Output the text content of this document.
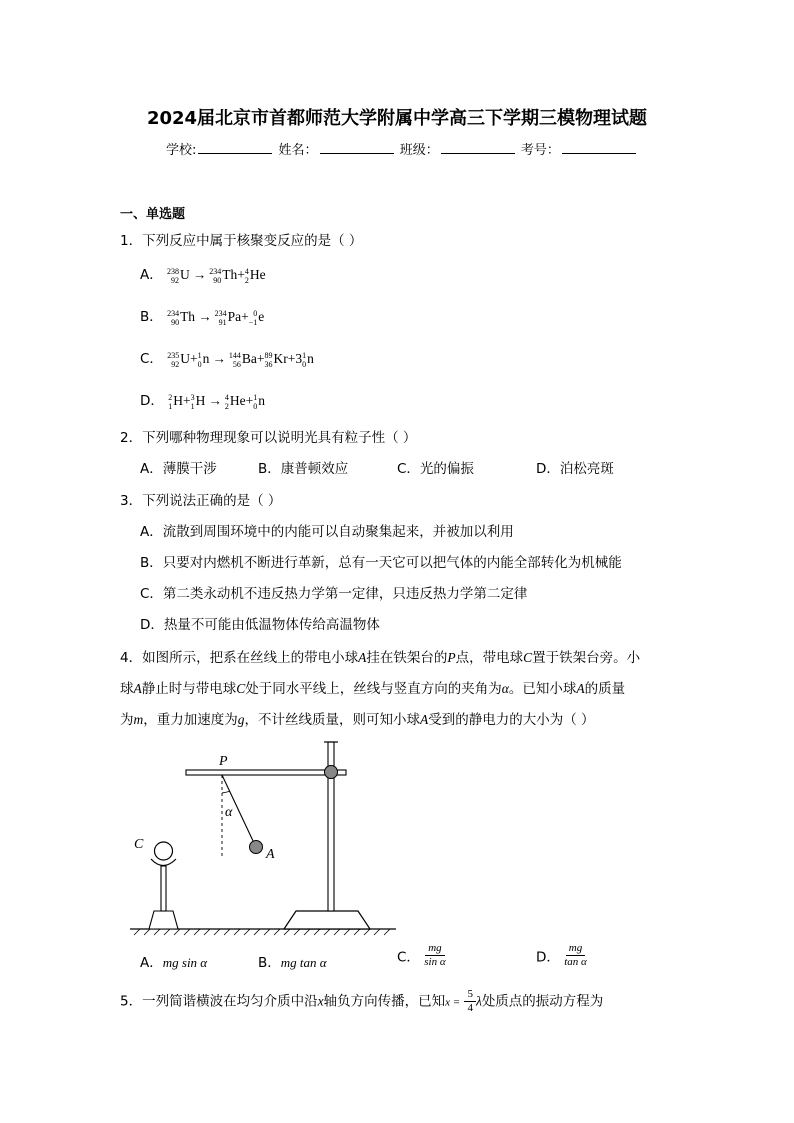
2024届北京市首都师范大学附属中学高三下学期三模物理试题
学校:	姓名：	班级：	考号：
一、单选题
1．下列反应中属于核聚变反应的是（ ）
A． 238
92 U → 234
90 Th+ 4
2 He
B． 234
90 Th → 234
91 Pa+ 0
−1 e
C． 235
92 U+ 1
0 n → 144
56 Ba+ 89
36 Kr+3 1
0 n
D． 2
1 H+ 3
1 H → 4
2 He+ 1
0 n
2．下列哪种物理现象可以说明光具有粒子性（ ）
A．薄膜干涉	B．康普顿效应	C．光的偏振	D．泊松亮斑
3．下列说法正确的是（ ）
A．流散到周围环境中的内能可以自动聚集起来，并被加以利用
B．只要对内燃机不断进行革新，总有一天它可以把气体的内能全部转化为机械能
C．第二类永动机不违反热力学第一定律，只违反热力学第二定律
D．热量不可能由低温物体传给高温物体
4．如图所示，把系在丝线上的带电小球A挂在铁架台的P点，带电球C置于铁架台旁。小
球A静止时与带电球C处于同水平线上，丝线与竖直方向的夹角为α。已知小球A的质量
为m，重力加速度为g，不计丝线质量，则可知小球A受到的静电力的大小为（ ）
P
C
A
α
A．mg sin α	B．mg tan α	C． $\frac{mg}{\text{sin α}}$	D． $\frac{mg}{\text{tan α}}$
5．一列简谐横波在均匀介质中沿x轴负方向传播，已知$x = \frac{5}{4}$ λ处质点的振动方程为
